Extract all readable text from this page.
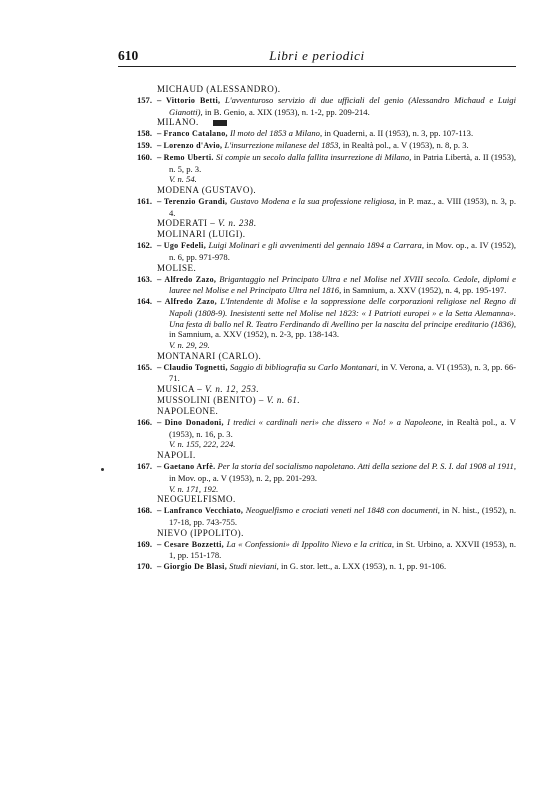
610	Libri e periodici
MICHAUD (ALESSANDRO).
157. – Vittorio Betti, L'avventuroso servizio di due ufficiali del genio (Alessandro Michaud e Luigi Gianotti), in B. Genio, a. XIX (1953), n. 1-2, pp. 209-214.
MILANO.
158. – Franco Catalano, Il moto del 1853 a Milano, in Quaderni, a. II (1953), n. 3, pp. 107-113.
159. – Lorenzo d'Avio, L'insurrezione milanese del 1853, in Realtà pol., a. V (1953), n. 8, p. 3.
160. – Remo Uberti. Si compie un secolo dalla fallita insurrezione di Milano, in Patria Libertà, a. II (1953), n. 5, p. 3.
V. n. 54.
MODENA (GUSTAVO).
161. – Terenzio Grandi, Gustavo Modena e la sua professione religiosa, in P. maz., a. VIII (1953), n. 3, p. 4.
MODERATI – V. n. 238.
MOLINARI (LUIGI).
162. – Ugo Fedeli, Luigi Molinari e gli avvenimenti del gennaio 1894 a Carrara, in Mov. op., a. IV (1952), n. 6, pp. 971-978.
MOLISE.
163. – Alfredo Zazo, Brigantaggio nel Principato Ultra e nel Molise nel XVIII secolo. Cedole, diplomi e lauree nel Molise e nel Principato Ultra nel 1816, in Samnium, a. XXV (1952), n. 4, pp. 195-197.
164. – Alfredo Zazo, L'Intendente di Molise e la soppressione delle corporazioni religiose nel Regno di Napoli (1808-9). Inesistenti sette nel Molise nel 1823: « I Patrioti europei » e la Setta Alemanna». Una festa di ballo nel R. Teatro Ferdinando di Avellino per la nascita del principe ereditario (1836), in Samnium, a. XXV (1952), n. 2-3, pp. 138-143.
V. n. 29, 29.
MONTANARI (CARLO).
165. – Claudio Tognetti, Saggio di bibliografia su Carlo Montanari, in V. Verona, a. VI (1953), n. 3, pp. 66-71.
MUSICA – V. n. 12, 253.
MUSSOLINI (BENITO) – V. n. 61.
NAPOLEONE.
166. – Dino Donadoni, I tredici « cardinali neri» che dissero « No! » a Napoleone, in Realtà pol., a. V (1953), n. 16, p. 3.
V. n. 155, 222, 224.
NAPOLI.
167. – Gaetano Arfè. Per la storia del socialismo napoletano. Atti della sezione del P. S. I. dal 1908 al 1911, in Mov. op., a. V (1953), n. 2, pp. 201-293.
V. n. 171, 192.
NEOGUELFISMO.
168. – Lanfranco Vecchiato, Neoguelfismo e crociati veneti nel 1848 con documenti, in N. hist., (1952), n. 17-18, pp. 743-755.
NIEVO (IPPOLITO).
169. – Cesare Bozzetti, La « Confessioni» di Ippolito Nievo e la critica, in St. Urbino, a. XXVII (1953), n. 1, pp. 151-178.
170. – Giorgio De Blasi, Studi nieviani, in G. stor. lett., a. LXX (1953), n. 1, pp. 91-106.
